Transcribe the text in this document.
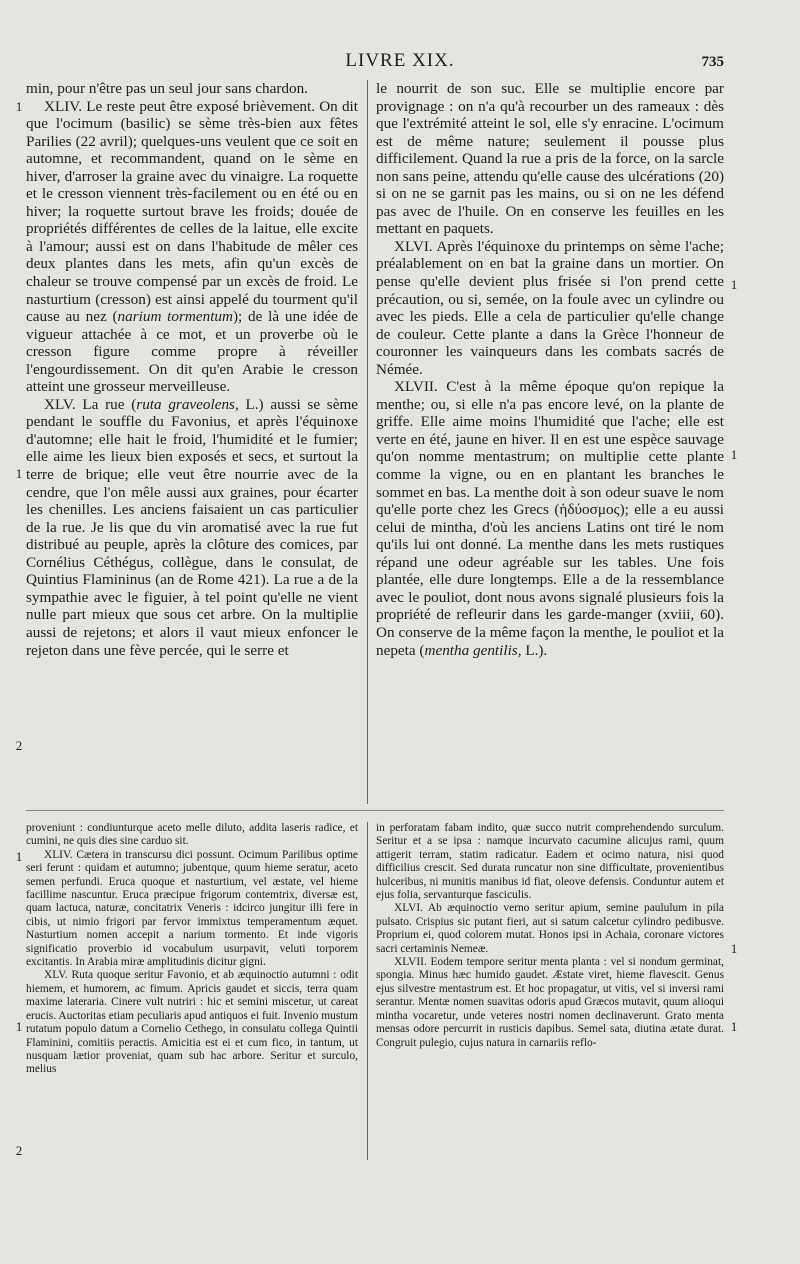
LIVRE XIX.	735

min, pour n'être pas un seul jour sans chardon.

XLIV. Le reste peut être exposé brièvement. On dit que l'ocimum (basilic) se sème très-bien aux fêtes Parilies (22 avril); quelques-uns veulent que ce soit en automne, et recommandent, quand on le sème en hiver, d'arroser la graine avec du vinaigre. La roquette et le cresson viennent très-facilement ou en été ou en hiver; la roquette surtout brave les froids; douée de propriétés différentes de celles de la laitue, elle excite à l'amour; aussi est on dans l'habitude de mêler ces deux plantes dans les mets, afin qu'un excès de chaleur se trouve compensé par un excès de froid. Le nasturtium (cresson) est ainsi appelé du tourment qu'il cause au nez (narium tormentum); de là une idée de vigueur attachée à ce mot, et un proverbe où le cresson figure comme propre à réveiller l'engourdissement. On dit qu'en Arabie le cresson atteint une grosseur merveilleuse.

XLV. La rue (ruta graveolens, L.) aussi se sème pendant le souffle du Favonius, et après l'équinoxe d'automne; elle hait le froid, l'humidité et le fumier; elle aime les lieux bien exposés et secs, et surtout la terre de brique; elle veut être nourrie avec de la cendre, que l'on mêle aussi aux graines, pour écarter les chenilles. Les anciens faisaient un cas particulier de la rue. Je lis que du vin aromatisé avec la rue fut distribué au peuple, après la clôture des comices, par Cornélius Céthégus, collègue, dans le consulat, de Quintius Flamininus (an de Rome 421). La rue a de la sympathie avec le figuier, à tel point qu'elle ne vient nulle part mieux que sous cet arbre. On la multiplie aussi de rejetons; et alors il vaut mieux enfoncer le rejeton dans une fève percée, qui le serre et

1
1
2

le nourrit de son suc. Elle se multiplie encore par provignage : on n'a qu'à recourber un des rameaux : dès que l'extrémité atteint le sol, elle s'y enracine. L'ocimum est de même nature; seulement il pousse plus difficilement. Quand la rue a pris de la force, on la sarcle non sans peine, attendu qu'elle cause des ulcérations (20) si on ne se garnit pas les mains, ou si on ne les défend pas avec de l'huile. On en conserve les feuilles en les mettant en paquets.

XLVI. Après l'équinoxe du printemps on sème l'ache; préalablement on en bat la graine dans un mortier. On pense qu'elle devient plus frisée si l'on prend cette précaution, ou si, semée, on la foule avec un cylindre ou avec les pieds. Elle a cela de particulier qu'elle change de couleur. Cette plante a dans la Grèce l'honneur de couronner les vainqueurs dans les combats sacrés de Némée.

XLVII. C'est à la même époque qu'on repique la menthe; ou, si elle n'a pas encore levé, on la plante de griffe. Elle aime moins l'humidité que l'ache; elle est verte en été, jaune en hiver. Il en est une espèce sauvage qu'on nomme mentastrum; on multiplie cette plante comme la vigne, ou en en plantant les branches le sommet en bas. La menthe doit à son odeur suave le nom qu'elle porte chez les Grecs (ἡδύοσμος); elle a eu aussi celui de mintha, d'où les anciens Latins ont tiré le nom qu'ils lui ont donné. La menthe dans les mets rustiques répand une odeur agréable sur les tables. Une fois plantée, elle dure longtemps. Elle a de la ressemblance avec le pouliot, dont nous avons signalé plusieurs fois la propriété de refleurir dans les garde-manger (xviii, 60). On conserve de la même façon la menthe, le pouliot et la nepeta (mentha gentilis, L.).

1
1

proveniunt : condiunturque aceto melle diluto, addita laseris radice, et cumini, ne quis dies sine carduo sit.

XLIV. Cætera in transcursu dici possunt. Ocimum Parilibus optime seri ferunt : quidam et autumno; jubentque, quum hieme seratur, aceto semen perfundi. Eruca quoque et nasturtium, vel æstate, vel hieme facillime nascuntur. Eruca præcipue frigorum contemtrix, diversæ est, quam lactuca, naturæ, concitatrix Veneris : idcirco jungitur illi fere in cibis, ut nimio frigori par fervor immixtus temperamentum æquet. Nasturtium nomen accepit a narium tormento. Et inde vigoris significatio proverbio id vocabulum usurpavit, veluti torporem excitantis. In Arabia miræ amplitudinis dicitur gigni.

XLV. Ruta quoque seritur Favonio, et ab æquinoctio autumni : odit hiemem, et humorem, ac fimum. Apricis gaudet et siccis, terra quam maxime lateraria. Cinere vult nutriri : hic et semini miscetur, ut careat erucis. Auctoritas etiam peculiaris apud antiquos ei fuit. Invenio mustum rutatum populo datum a Cornelio Cethego, in consulatu collega Quintii Flaminini, comitiis peractis. Amicitia est ei et cum fico, in tantum, ut nusquam lætior proveniat, quam sub hac arbore. Seritur et surculo, melius

1
1
2

in perforatam fabam indito, quæ succo nutrit comprehendendo surculum. Seritur et a se ipsa : namque incurvato cacumine alicujus rami, quum attigerit terram, statim radicatur. Eadem et ocimo natura, nisi quod difficilius crescit. Sed durata runcatur non sine difficultate, provenientibus hulceribus, ni munitis manibus id fiat, oleove defensis. Conduntur autem et ejus folia, servanturque fasciculis.

XLVI. Ab æquinoctio verno seritur apium, semine paululum in pila pulsato. Crispius sic putant fieri, aut si satum calcetur cylindro pedibusve. Proprium ei, quod colorem mutat. Honos ipsi in Achaia, coronare victores sacri certaminis Nemeæ.

XLVII. Eodem tempore seritur menta planta : vel si nondum germinat, spongia. Minus hæc humido gaudet. Æstate viret, hieme flavescit. Genus ejus silvestre mentastrum est. Et hoc propagatur, ut vitis, vel si inversi rami serantur. Mentæ nomen suavitas odoris apud Græcos mutavit, quum alioqui mintha vocaretur, unde veteres nostri nomen declinaverunt. Grato menta mensas odore percurrit in rusticis dapibus. Semel sata, diutina ætate durat. Congruit pulegio, cujus natura in carnariis reflo-

1
1
